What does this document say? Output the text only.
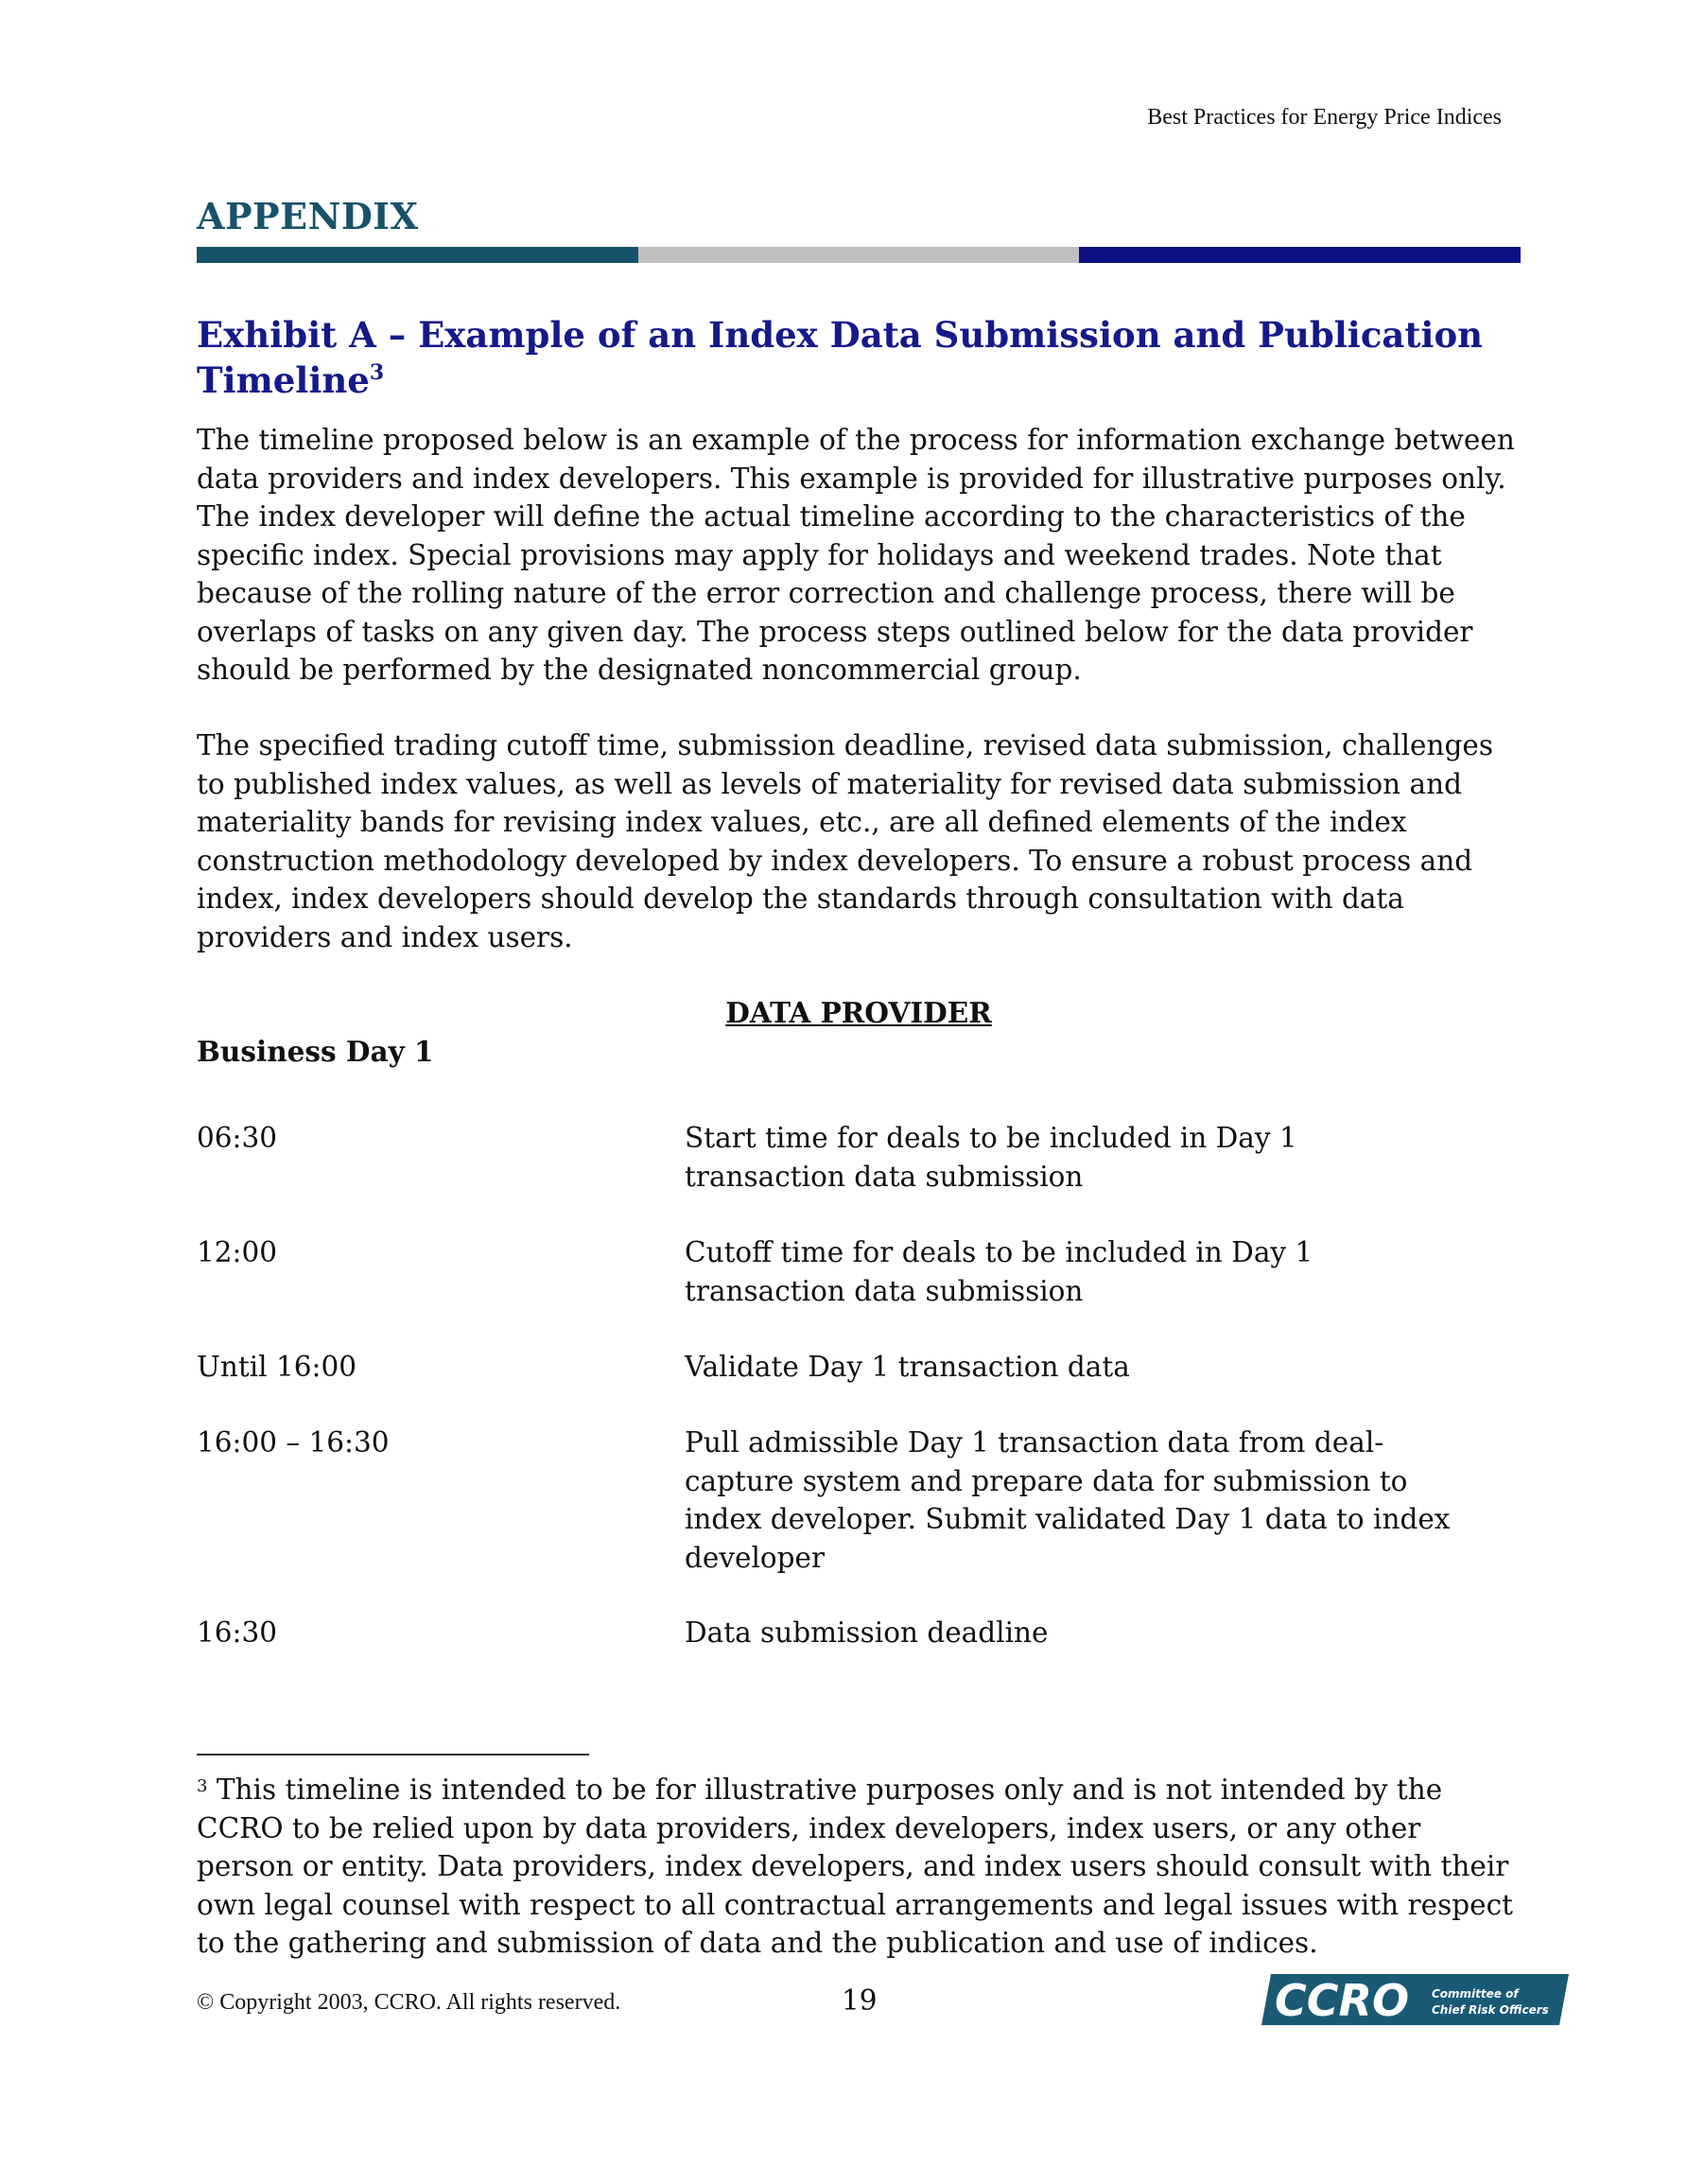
Best Practices for Energy Price Indices
APPENDIX
Exhibit A – Example of an Index Data Submission and Publication Timeline$^3$

The timeline proposed below is an example of the process for information exchange between data providers and index developers. This example is provided for illustrative purposes only. The index developer will define the actual timeline according to the characteristics of the specific index. Special provisions may apply for holidays and weekend trades. Note that because of the rolling nature of the error correction and challenge process, there will be overlaps of tasks on any given day. The process steps outlined below for the data provider should be performed by the designated noncommercial group.

The specified trading cutoff time, submission deadline, revised data submission, challenges to published index values, as well as levels of materiality for revised data submission and materiality bands for revising index values, etc., are all defined elements of the index construction methodology developed by index developers. To ensure a robust process and index, index developers should develop the standards through consultation with data providers and index users.

DATA PROVIDER
Business Day 1
06:30	Start time for deals to be included in Day 1 transaction data submission
12:00	Cutoff time for deals to be included in Day 1 transaction data submission
Until 16:00	Validate Day 1 transaction data
16:00 – 16:30	Pull admissible Day 1 transaction data from deal-capture system and prepare data for submission to index developer. Submit validated Day 1 data to index developer
16:30	Data submission deadline
$^3$ This timeline is intended to be for illustrative purposes only and is not intended by the CCRO to be relied upon by data providers, index developers, index users, or any other person or entity. Data providers, index developers, and index users should consult with their own legal counsel with respect to all contractual arrangements and legal issues with respect to the gathering and submission of data and the publication and use of indices.
© Copyright 2003, CCRO. All rights reserved.	19	CCRO Committee of
Chief Risk Officers
